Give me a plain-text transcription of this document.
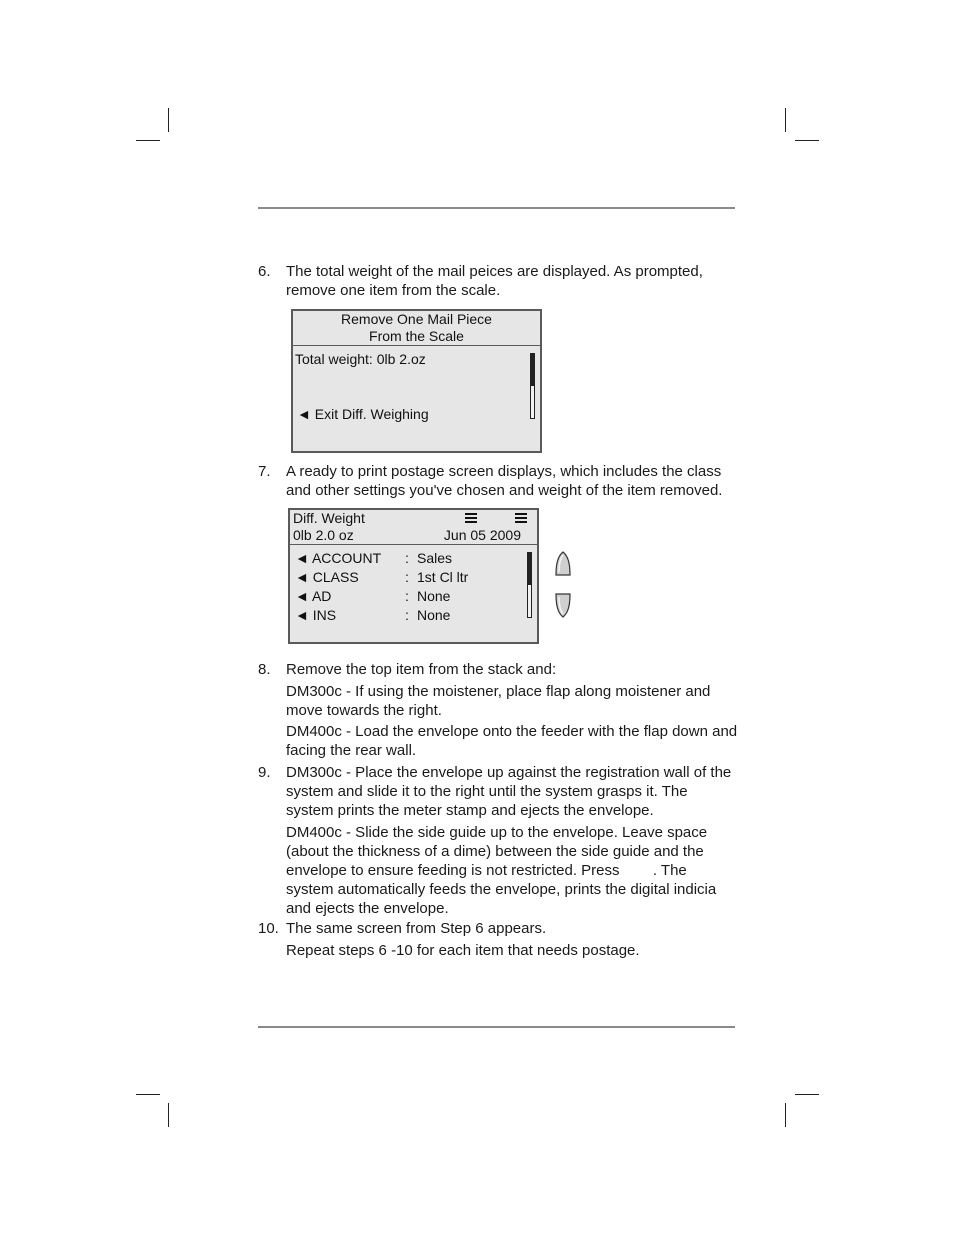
6. The total weight of the mail peices are displayed. As prompted, remove one item from the scale.
Remove One Mail Piece
From the Scale
Total weight: 0lb 2.oz
◄ Exit Diff. Weighing
7. A ready to print postage screen displays, which includes the class and other settings you've chosen and weight of the item removed.
Diff. Weight
0lb 2.0 oz	Jun 05 2009
◄ ACCOUNT : Sales
◄ CLASS	: 1st Cl ltr
◄ AD	: None
◄ INS	: None
8. Remove the top item from the stack and:
DM300c - If using the moistener, place flap along moistener and move towards the right.
DM400c - Load the envelope onto the feeder with the flap down and facing the rear wall.
9. DM300c - Place the envelope up against the registration wall of the system and slide it to the right until the system grasps it. The system prints the meter stamp and ejects the envelope.
DM400c - Slide the side guide up to the envelope. Leave space (about the thickness of a dime) between the side guide and the envelope to ensure feeding is not restricted. Press        . The system automatically feeds the envelope, prints the digital indicia and ejects the envelope.
10. The same screen from Step 6 appears.
Repeat steps 6 -10 for each item that needs postage.
